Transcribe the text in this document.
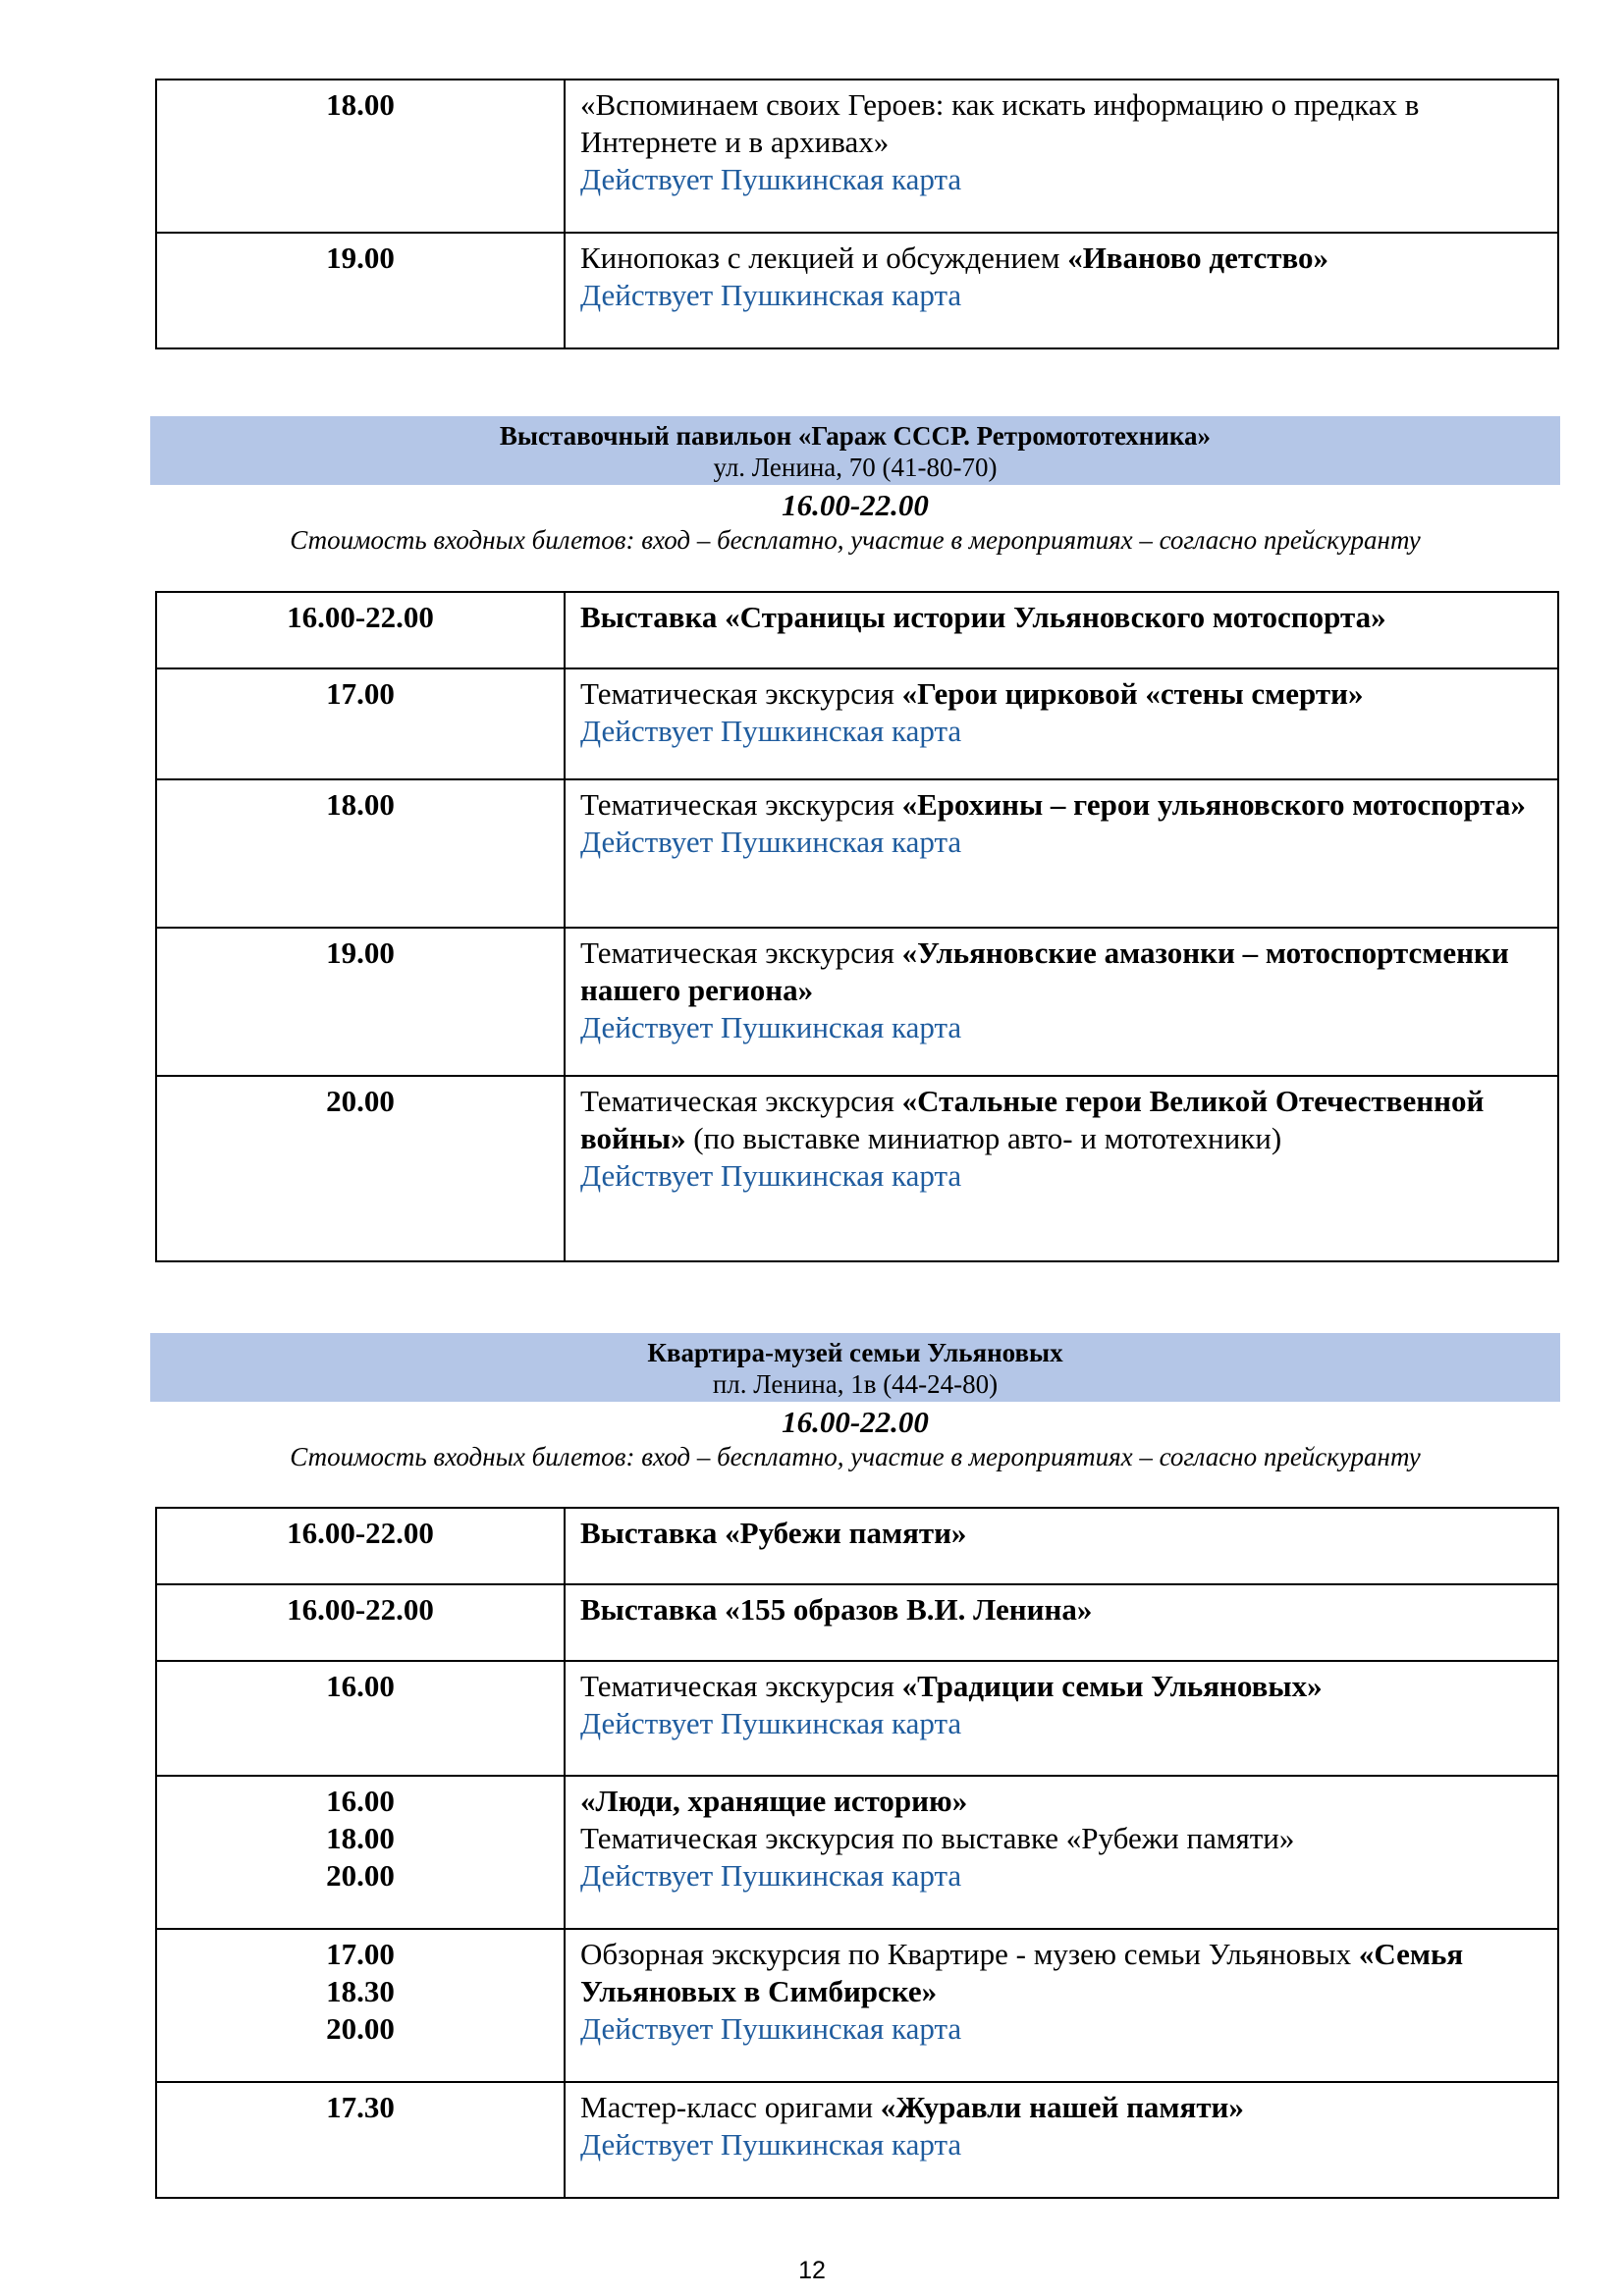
18.00	«Вспоминаем своих Героев: как искать информацию о предках в Интернете и в архивах»
Действует Пушкинская карта

19.00	Кинопоказ с лекцией и обсуждением «Иваново детство»
Действует Пушкинская карта
Выставочный павильон «Гараж СССР. Ретромототехника»
ул. Ленина, 70 (41-80-70)
16.00-22.00
Стоимость входных билетов: вход – бесплатно, участие в мероприятиях – согласно прейскуранту
16.00-22.00	Выставка «Страницы истории Ульяновского мотоспорта»

17.00	Тематическая экскурсия «Герои цирковой «стены смерти»
Действует Пушкинская карта

18.00	Тематическая экскурсия «Ерохины – герои ульяновского мотоспорта»
Действует Пушкинская карта

19.00	Тематическая экскурсия «Ульяновские амазонки – мотоспортсменки нашего региона»
Действует Пушкинская карта

20.00	Тематическая экскурсия «Стальные герои Великой Отечественной войны» (по выставке миниатюр авто- и мототехники)
Действует Пушкинская карта
Квартира-музей семьи Ульяновых
пл. Ленина, 1в (44-24-80)
16.00-22.00
Стоимость входных билетов: вход – бесплатно, участие в мероприятиях – согласно прейскуранту
16.00-22.00	Выставка «Рубежи памяти»

16.00-22.00	Выставка «155 образов В.И. Ленина»

16.00	Тематическая экскурсия «Традиции семьи Ульяновых»
Действует Пушкинская карта

16.00
18.00
20.00	«Люди, хранящие историю»
Тематическая экскурсия по выставке «Рубежи памяти»
Действует Пушкинская карта

17.00
18.30
20.00	Обзорная экскурсия по Квартире - музею семьи Ульяновых «Семья Ульяновых в Симбирске»
Действует Пушкинская карта

17.30	Мастер-класс оригами «Журавли нашей памяти»
Действует Пушкинская карта
12
